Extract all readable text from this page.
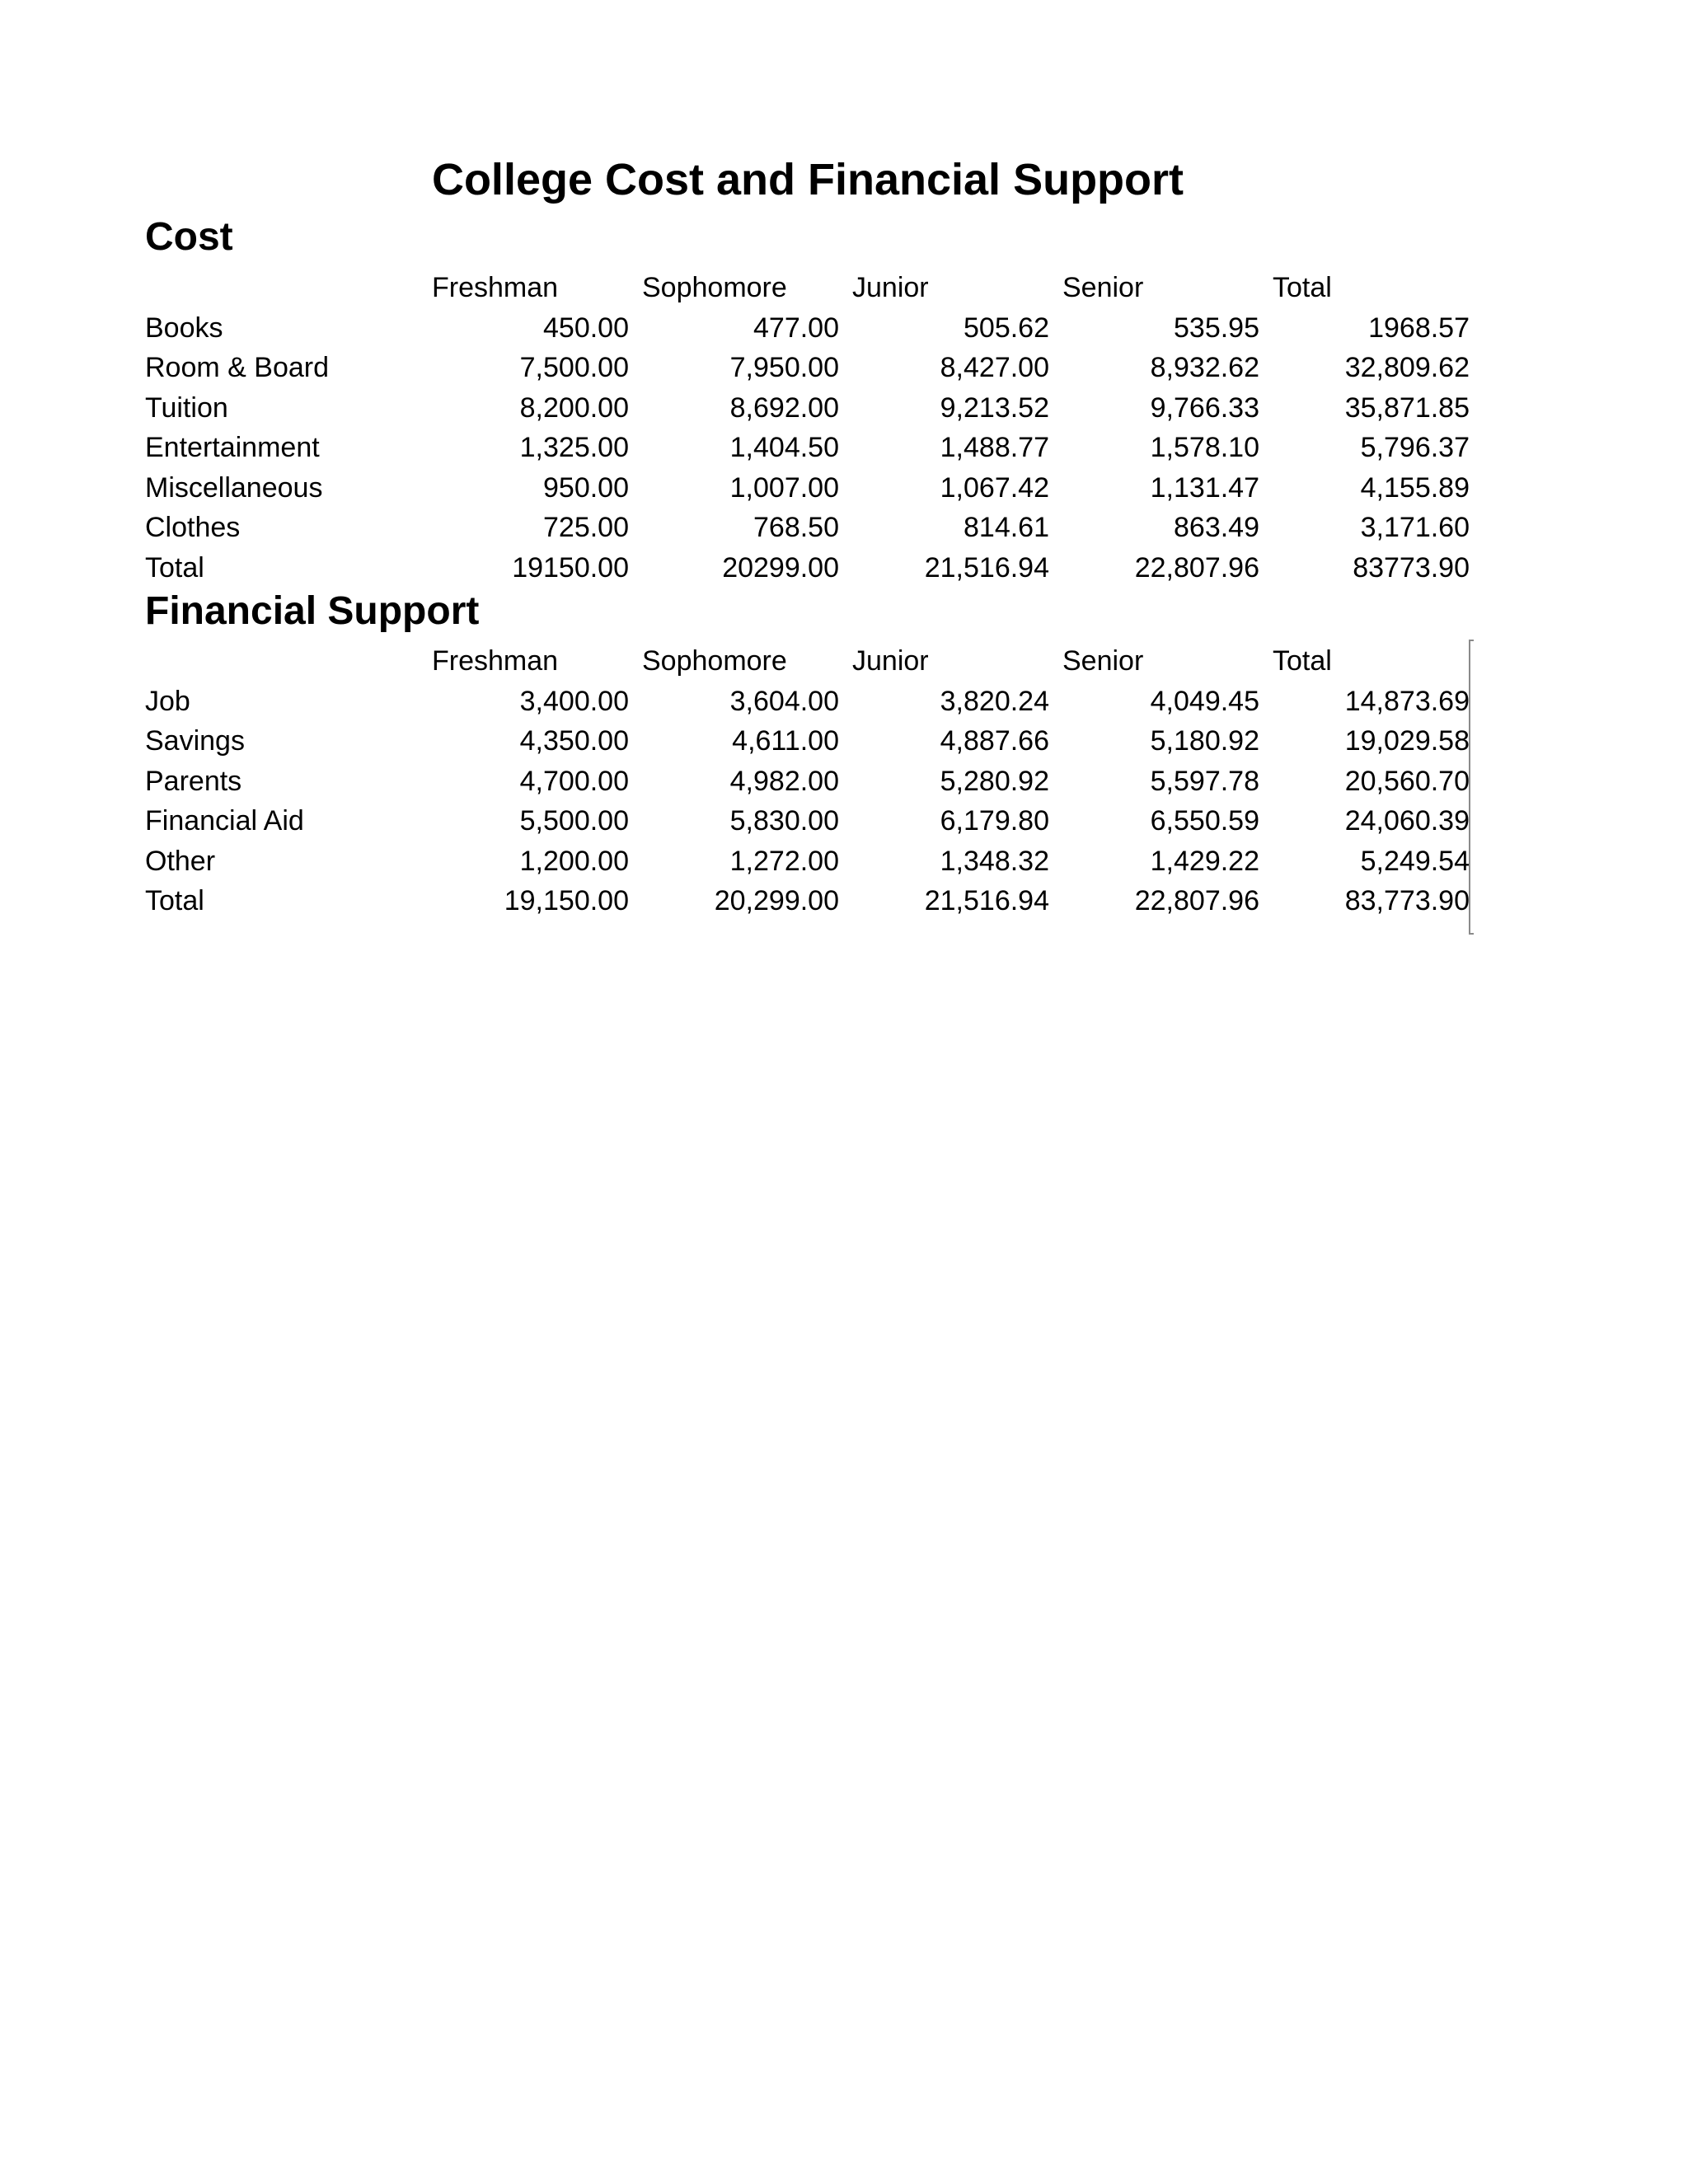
College Cost and Financial Support
Cost
	Freshman	Sophomore	Junior	Senior	Total
Books	450.00	477.00	505.62	535.95	1968.57
Room & Board	7,500.00	7,950.00	8,427.00	8,932.62	32,809.62
Tuition	8,200.00	8,692.00	9,213.52	9,766.33	35,871.85
Entertainment	1,325.00	1,404.50	1,488.77	1,578.10	5,796.37
Miscellaneous	950.00	1,007.00	1,067.42	1,131.47	4,155.89
Clothes	725.00	768.50	814.61	863.49	3,171.60
Total	19150.00	20299.00	21,516.94	22,807.96	83773.90
Financial Support
	Freshman	Sophomore	Junior	Senior	Total
Job	3,400.00	3,604.00	3,820.24	4,049.45	14,873.69
Savings	4,350.00	4,611.00	4,887.66	5,180.92	19,029.58
Parents	4,700.00	4,982.00	5,280.92	5,597.78	20,560.70
Financial Aid	5,500.00	5,830.00	6,179.80	6,550.59	24,060.39
Other	1,200.00	1,272.00	1,348.32	1,429.22	5,249.54
Total	19,150.00	20,299.00	21,516.94	22,807.96	83,773.90
